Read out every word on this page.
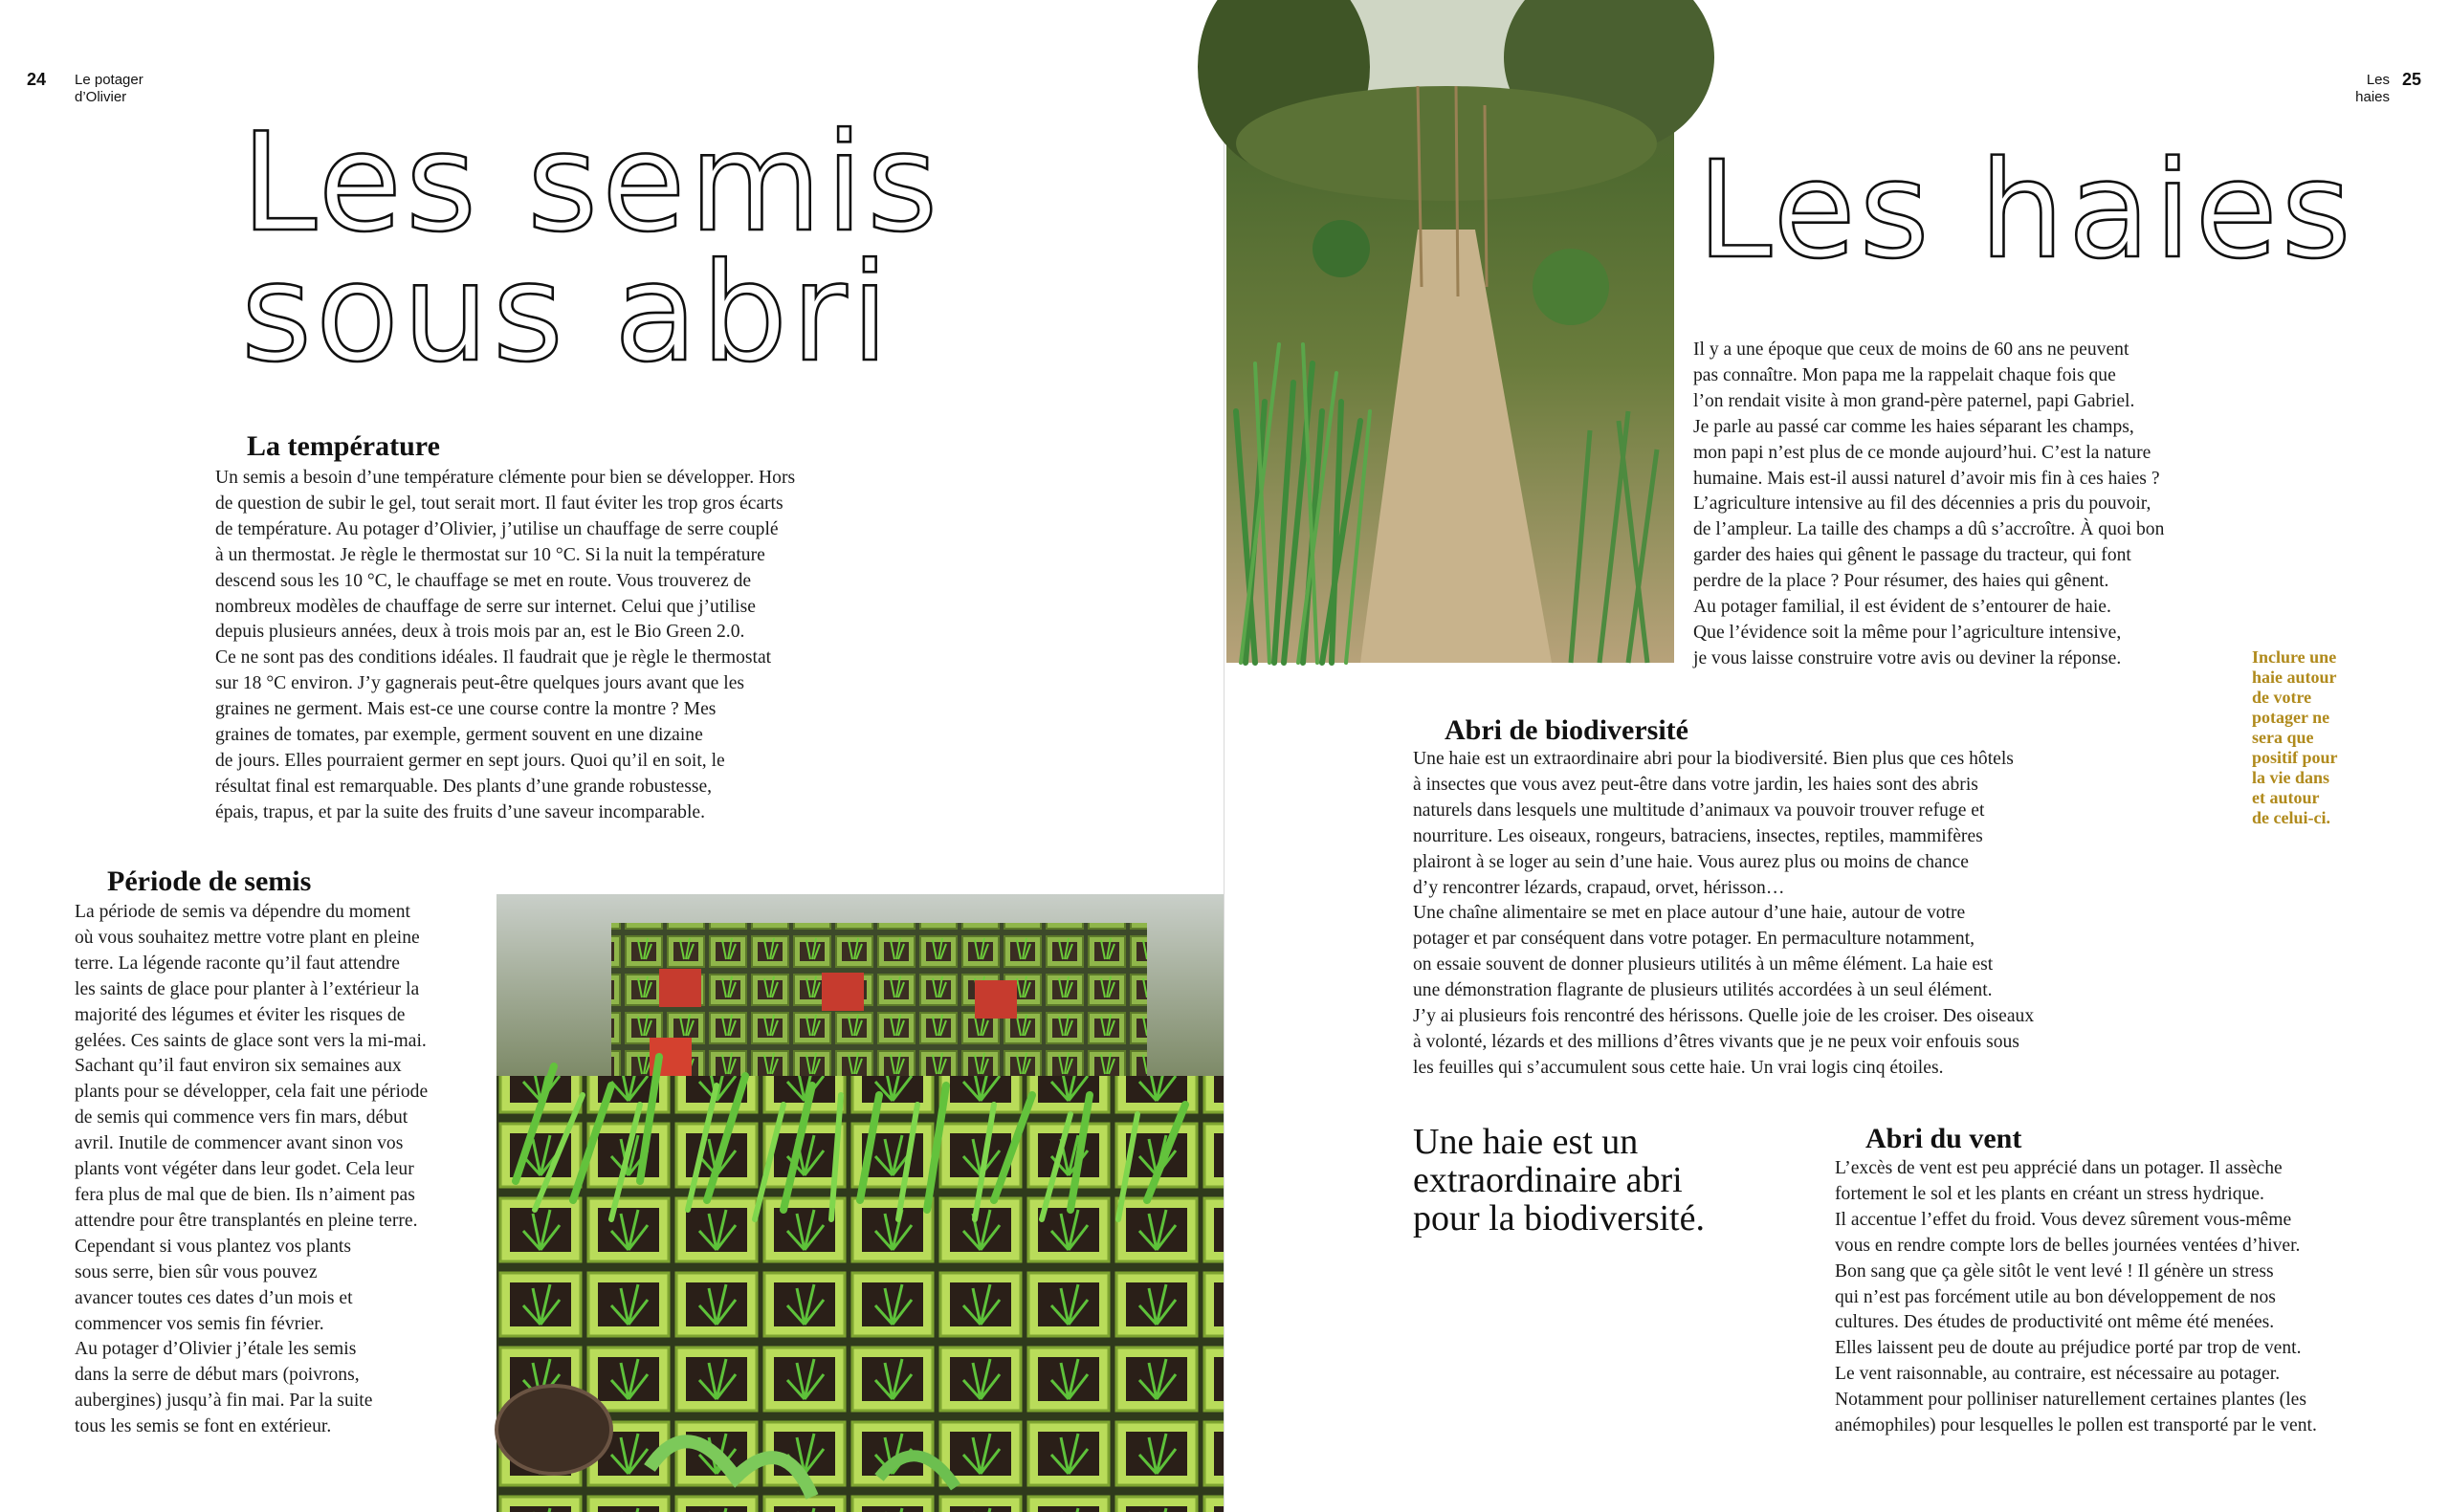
24 Le potager
d’Olivier
Les semis
sous abri
La température
Un semis a besoin d’une température clémente pour bien se développer. Hors
de question de subir le gel, tout serait mort. Il faut éviter les trop gros écarts
de température. Au potager d’Olivier, j’utilise un chauffage de serre couplé
à un thermostat. Je règle le thermostat sur 10 °C. Si la nuit la température
descend sous les 10 °C, le chauffage se met en route. Vous trouverez de
nombreux modèles de chauffage de serre sur internet. Celui que j’utilise
depuis plusieurs années, deux à trois mois par an, est le Bio Green 2.0.
Ce ne sont pas des conditions idéales. Il faudrait que je règle le thermostat
sur 18 °C environ. J’y gagnerais peut-être quelques jours avant que les
graines ne germent. Mais est-ce une course contre la montre ? Mes
graines de tomates, par exemple, germent souvent en une dizaine
de jours. Elles pourraient germer en sept jours. Quoi qu’il en soit, le
résultat final est remarquable. Des plants d’une grande robustesse,
épais, trapus, et par la suite des fruits d’une saveur incomparable.
Période de semis
La période de semis va dépendre du moment
où vous souhaitez mettre votre plant en pleine
terre. La légende raconte qu’il faut attendre
les saints de glace pour planter à l’extérieur la
majorité des légumes et éviter les risques de
gelées. Ces saints de glace sont vers la mi-mai.
Sachant qu’il faut environ six semaines aux
plants pour se développer, cela fait une période
de semis qui commence vers fin mars, début
avril. Inutile de commencer avant sinon vos
plants vont végéter dans leur godet. Cela leur
fera plus de mal que de bien. Ils n’aiment pas
attendre pour être transplantés en pleine terre.
Cependant si vous plantez vos plants
sous serre, bien sûr vous pouvez
avancer toutes ces dates d’un mois et
commencer vos semis fin février.
Au potager d’Olivier j’étale les semis
dans la serre de début mars (poivrons,
aubergines) jusqu’à fin mai. Par la suite
tous les semis se font en extérieur.
25
Les
haies
Les haies
Il y a une époque que ceux de moins de 60 ans ne peuvent
pas connaître. Mon papa me la rappelait chaque fois que
l’on rendait visite à mon grand-père paternel, papi Gabriel.
Je parle au passé car comme les haies séparant les champs,
mon papi n’est plus de ce monde aujourd’hui. C’est la nature
humaine. Mais est-il aussi naturel d’avoir mis fin à ces haies ?
L’agriculture intensive au fil des décennies a pris du pouvoir,
de l’ampleur. La taille des champs a dû s’accroître. À quoi bon
garder des haies qui gênent le passage du tracteur, qui font
perdre de la place ? Pour résumer, des haies qui gênent.
Au potager familial, il est évident de s’entourer de haie.
Que l’évidence soit la même pour l’agriculture intensive,
je vous laisse construire votre avis ou deviner la réponse.	Inclure une
haie autour
de votre
potager ne
sera que
positif pour
la vie dans
et autour
de celui-ci.
Abri de biodiversité
Une haie est un extraordinaire abri pour la biodiversité. Bien plus que ces hôtels
à insectes que vous avez peut-être dans votre jardin, les haies sont des abris
naturels dans lesquels une multitude d’animaux va pouvoir trouver refuge et
nourriture. Les oiseaux, rongeurs, batraciens, insectes, reptiles, mammifères
plairont à se loger au sein d’une haie. Vous aurez plus ou moins de chance
d’y rencontrer lézards, crapaud, orvet, hérisson…
Une chaîne alimentaire se met en place autour d’une haie, autour de votre
potager et par conséquent dans votre potager. En permaculture notamment,
on essaie souvent de donner plusieurs utilités à un même élément. La haie est
une démonstration flagrante de plusieurs utilités accordées à un seul élément.
J’y ai plusieurs fois rencontré des hérissons. Quelle joie de les croiser. Des oiseaux
à volonté, lézards et des millions d’êtres vivants que je ne peux voir enfouis sous
les feuilles qui s’accumulent sous cette haie. Un vrai logis cinq étoiles.
Une haie est un
extraordinaire abri
pour la biodiversité.
Abri du vent
L’excès de vent est peu apprécié dans un potager. Il assèche
fortement le sol et les plants en créant un stress hydrique.
Il accentue l’effet du froid. Vous devez sûrement vous-même
vous en rendre compte lors de belles journées ventées d’hiver.
Bon sang que ça gèle sitôt le vent levé ! Il génère un stress
qui n’est pas forcément utile au bon développement de nos
cultures. Des études de productivité ont même été menées.
Elles laissent peu de doute au préjudice porté par trop de vent.
Le vent raisonnable, au contraire, est nécessaire au potager.
Notamment pour polliniser naturellement certaines plantes (les
anémophiles) pour lesquelles le pollen est transporté par le vent.
